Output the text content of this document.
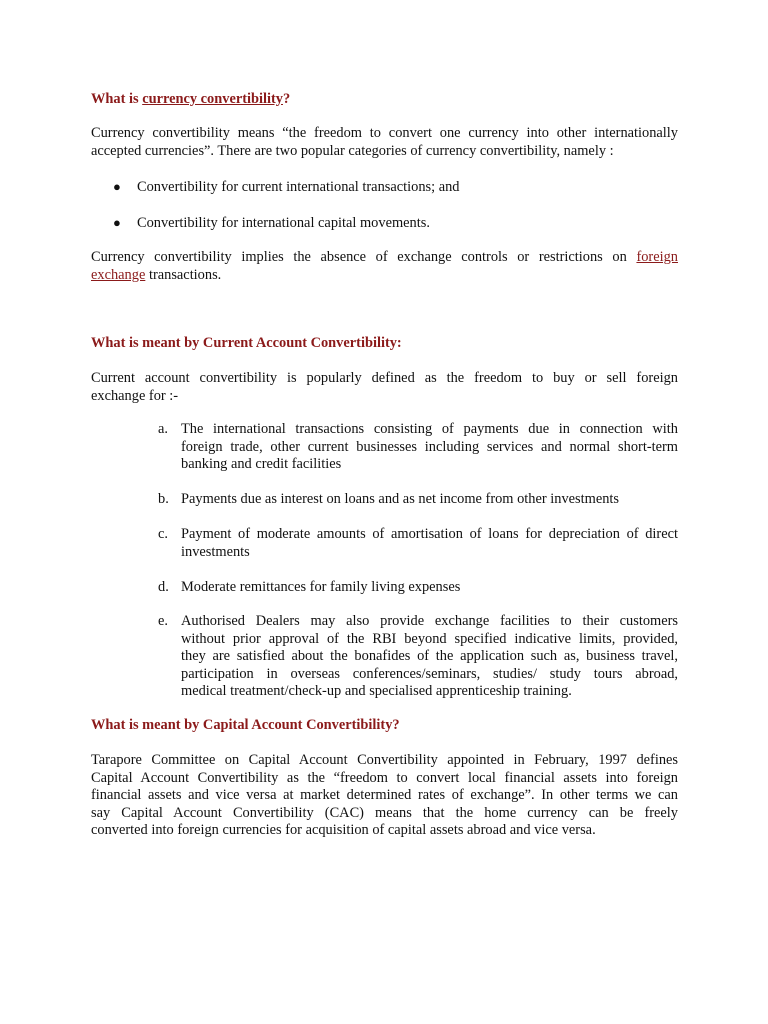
What is currency convertibility?
Currency convertibility means “the freedom to convert one currency into other internationally
accepted currencies”. There are two popular categories of currency convertibility, namely :
● Convertibility for current international transactions; and
● Convertibility for international capital movements.
Currency convertibility implies the absence of exchange controls or restrictions on foreign
exchange transactions.
What is meant by Current Account Convertibility:
Current account convertibility is popularly defined as the freedom to buy or sell foreign
exchange for :-
a. The international transactions consisting of payments due in connection with
foreign trade, other current businesses including services and normal short-term
banking and credit facilities
b. Payments due as interest on loans and as net income from other investments
c. Payment of moderate amounts of amortisation of loans for depreciation of direct
investments
d. Moderate remittances for family living expenses
e. Authorised Dealers may also provide exchange facilities to their customers
without prior approval of the RBI beyond specified indicative limits, provided,
they are satisfied about the bonafides of the application such as, business travel,
participation in overseas conferences/seminars, studies/ study tours abroad,
medical treatment/check-up and specialised apprenticeship training.
What is meant by Capital Account Convertibility?
Tarapore Committee on Capital Account Convertibility appointed in February, 1997 defines
Capital Account Convertibility as the “freedom to convert local financial assets into foreign
financial assets and vice versa at market determined rates of exchange”. In other terms we can
say Capital Account Convertibility (CAC) means that the home currency can be freely
converted into foreign currencies for acquisition of capital assets abroad and vice versa.
